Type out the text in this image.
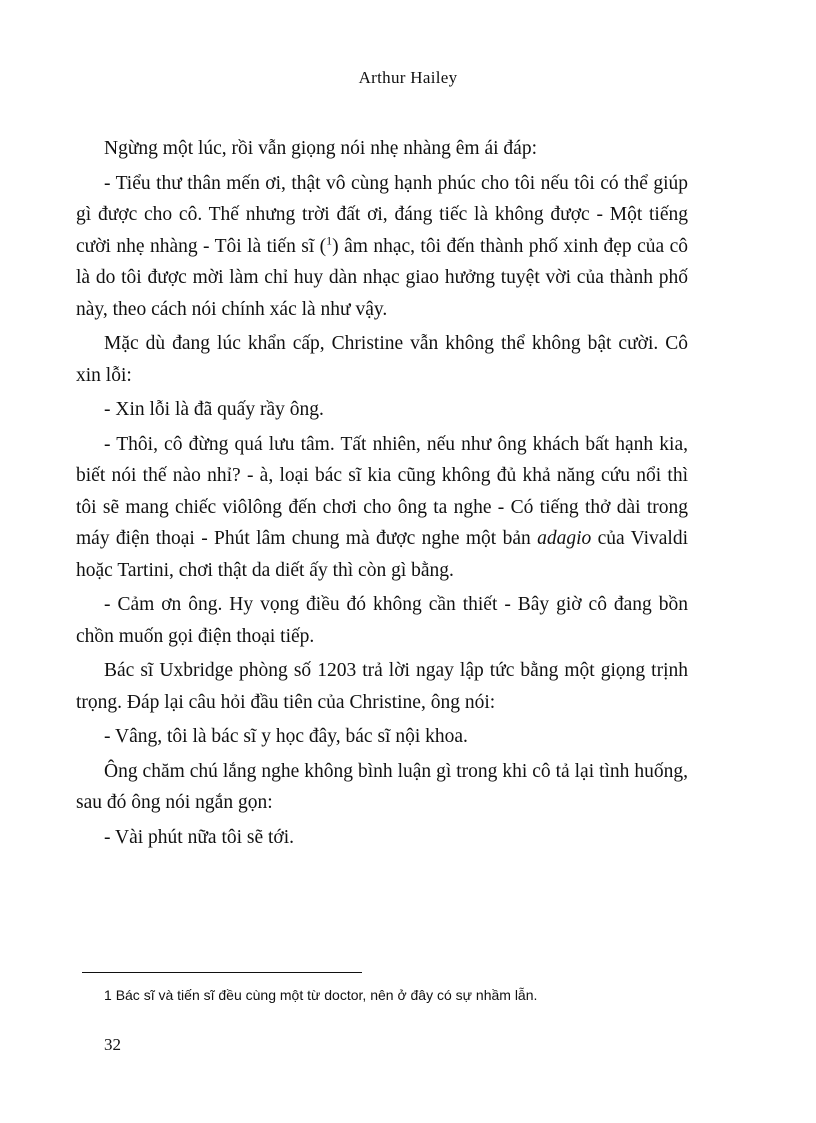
Arthur Hailey

Ngừng một lúc, rồi vẫn giọng nói nhẹ nhàng êm ái đáp:

- Tiểu thư thân mến ơi, thật vô cùng hạnh phúc cho tôi nếu tôi có thể giúp gì được cho cô. Thế nhưng trời đất ơi, đáng tiếc là không được - Một tiếng cười nhẹ nhàng - Tôi là tiến sĩ ($^1$) âm nhạc, tôi đến thành phố xinh đẹp của cô là do tôi được mời làm chỉ huy dàn nhạc giao hưởng tuyệt vời của thành phố này, theo cách nói chính xác là như vậy.

Mặc dù đang lúc khẩn cấp, Christine vẫn không thể không bật cười. Cô xin lỗi:

- Xin lỗi là đã quấy rầy ông.

- Thôi, cô đừng quá lưu tâm. Tất nhiên, nếu như ông khách bất hạnh kia, biết nói thế nào nhỉ? - à, loại bác sĩ kia cũng không đủ khả năng cứu nổi thì tôi sẽ mang chiếc viôlông đến chơi cho ông ta nghe - Có tiếng thở dài trong máy điện thoại - Phút lâm chung mà được nghe một bản adagio của Vivaldi hoặc Tartini, chơi thật da diết ấy thì còn gì bằng.

- Cảm ơn ông. Hy vọng điều đó không cần thiết - Bây giờ cô đang bồn chồn muốn gọi điện thoại tiếp.

Bác sĩ Uxbridge phòng số 1203 trả lời ngay lập tức bằng một giọng trịnh trọng. Đáp lại câu hỏi đầu tiên của Christine, ông nói:

- Vâng, tôi là bác sĩ y học đây, bác sĩ nội khoa.

Ông chăm chú lắng nghe không bình luận gì trong khi cô tả lại tình huống, sau đó ông nói ngắn gọn:

- Vài phút nữa tôi sẽ tới.

1 Bác sĩ và tiến sĩ đều cùng một từ doctor, nên ở đây có sự nhầm lẫn.
32
